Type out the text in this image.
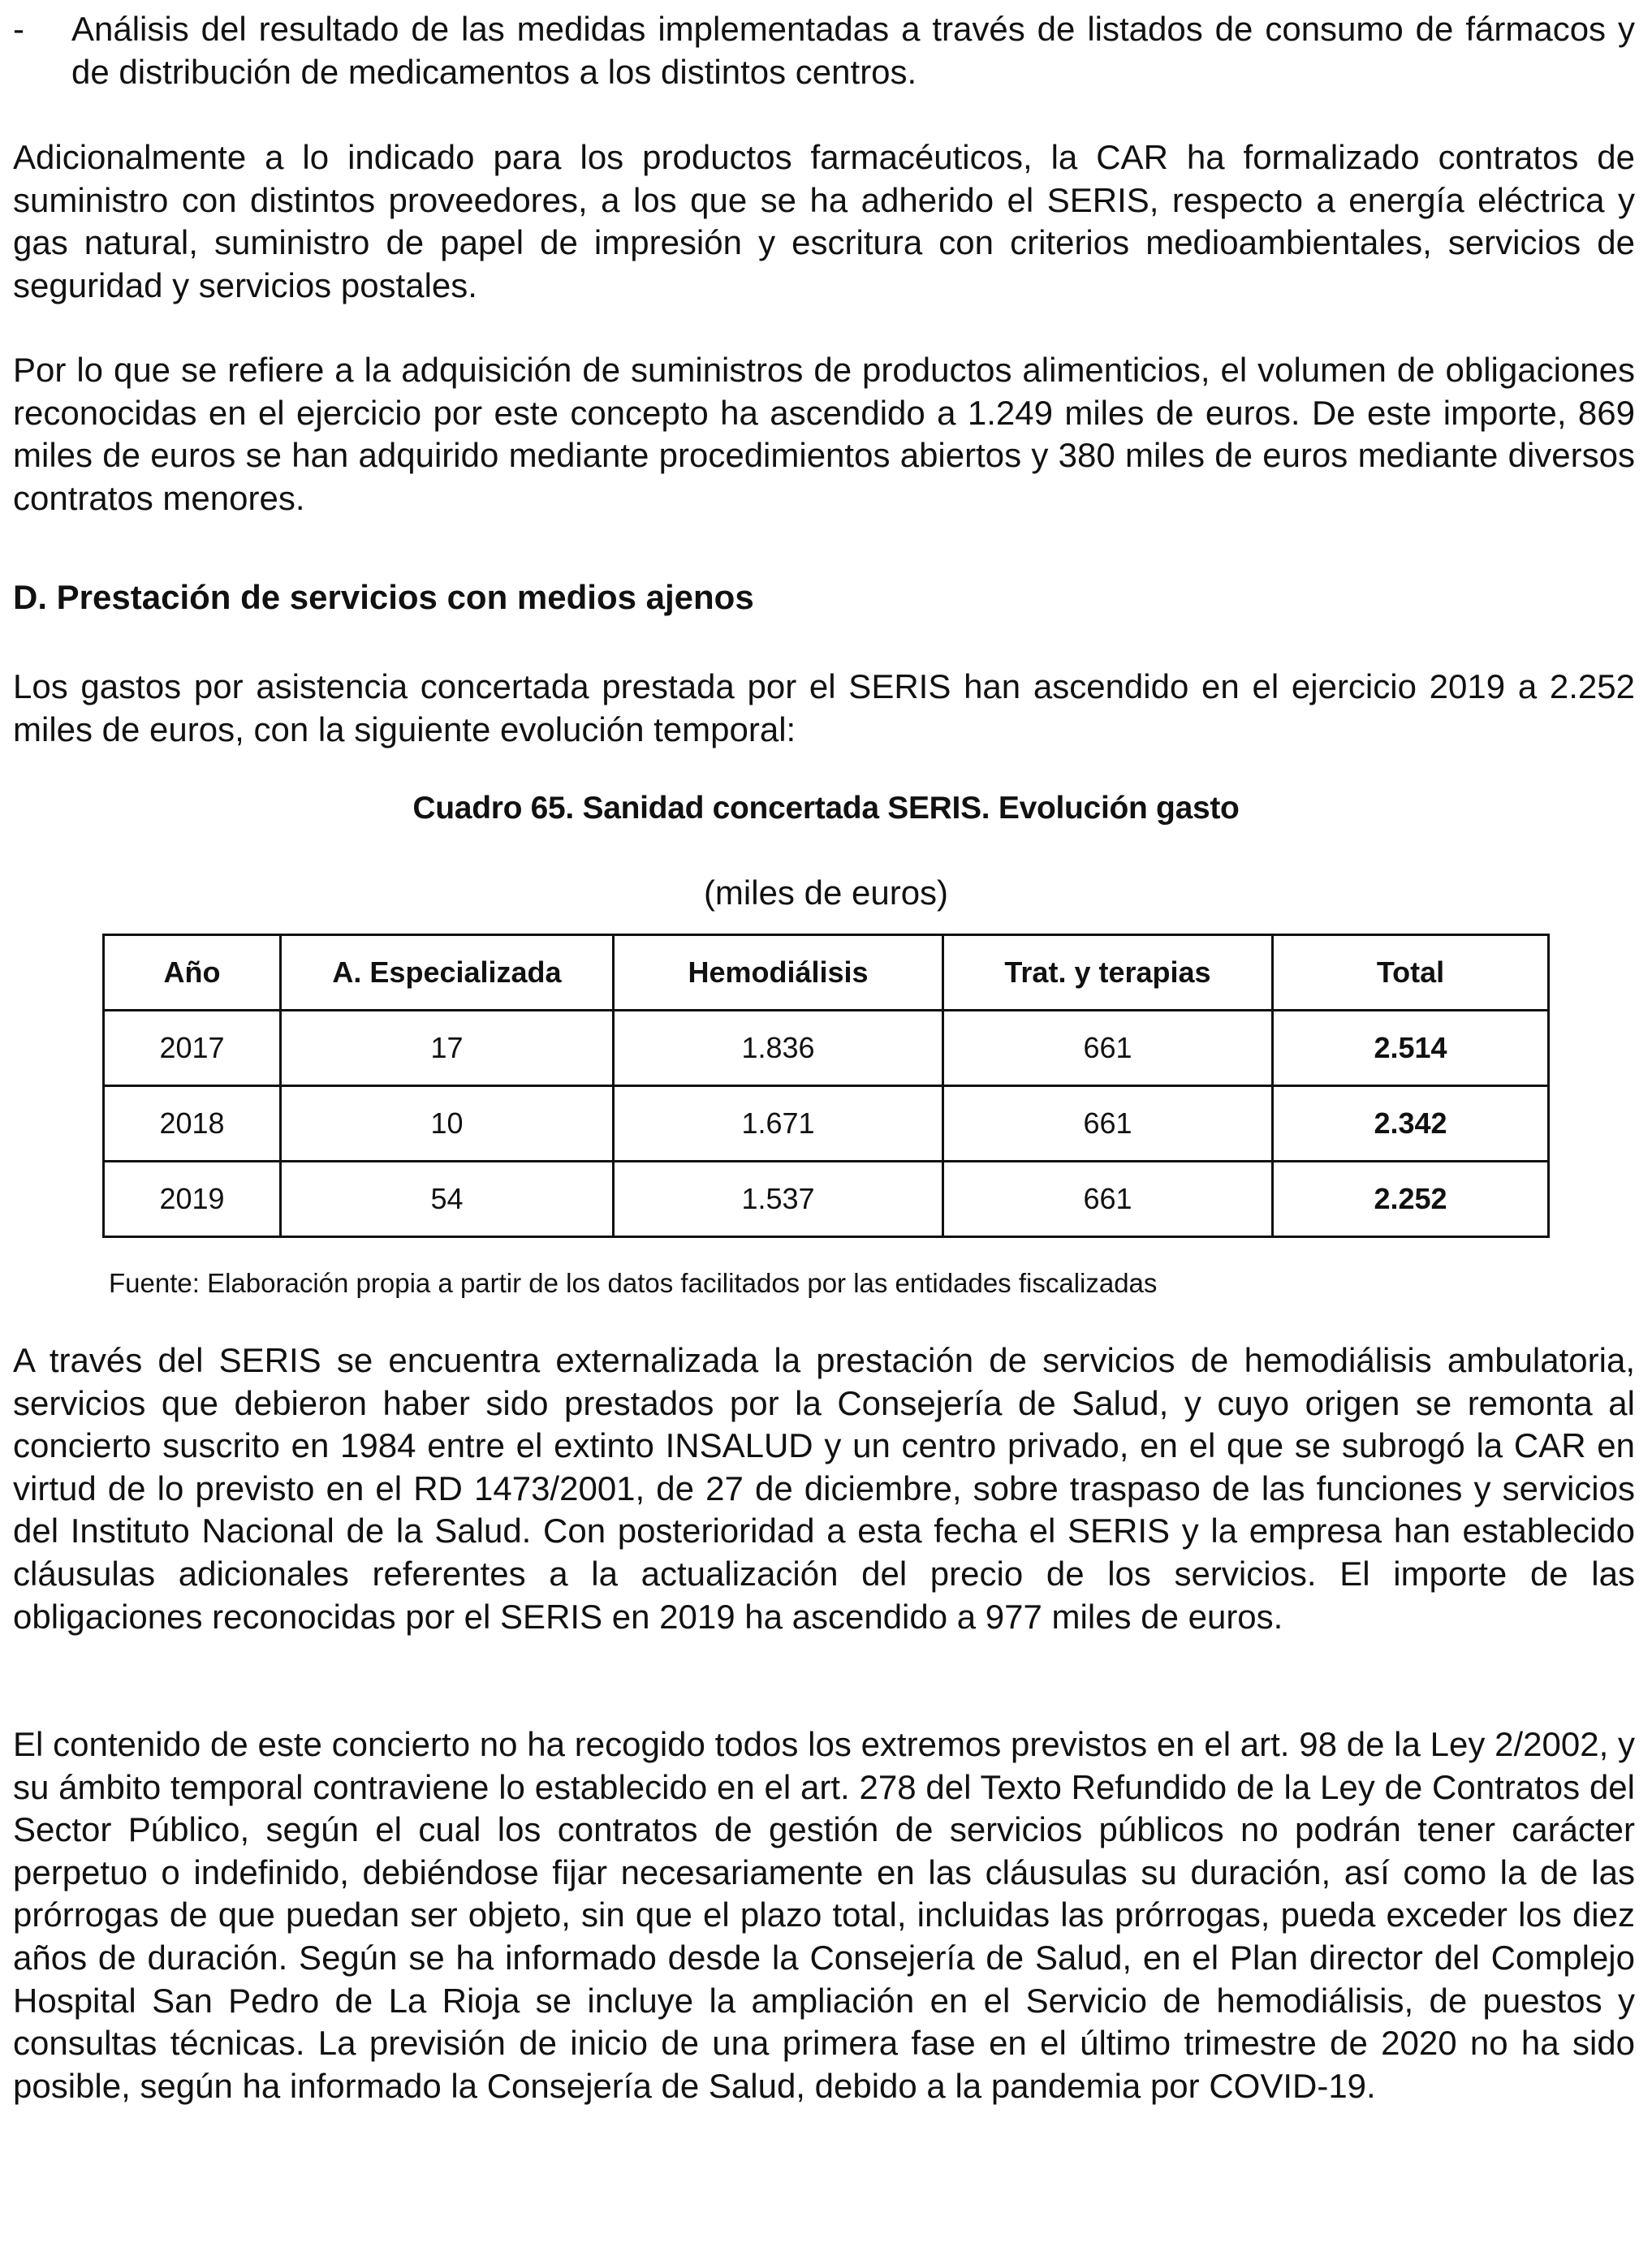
- Análisis del resultado de las medidas implementadas a través de listados de consumo de fármacos y de distribución de medicamentos a los distintos centros.

Adicionalmente a lo indicado para los productos farmacéuticos, la CAR ha formalizado contratos de suministro con distintos proveedores, a los que se ha adherido el SERIS, respecto a energía eléctrica y gas natural, suministro de papel de impresión y escritura con criterios medioambientales, servicios de seguridad y servicios postales.

Por lo que se refiere a la adquisición de suministros de productos alimenticios, el volumen de obligaciones reconocidas en el ejercicio por este concepto ha ascendido a 1.249 miles de euros. De este importe, 869 miles de euros se han adquirido mediante procedimientos abiertos y 380 miles de euros mediante diversos contratos menores.

D. Prestación de servicios con medios ajenos

Los gastos por asistencia concertada prestada por el SERIS han ascendido en el ejercicio 2019 a 2.252 miles de euros, con la siguiente evolución temporal:

Cuadro 65. Sanidad concertada SERIS. Evolución gasto

(miles de euros)

Año	A. Especializada	Hemodiálisis	Trat. y terapias	Total
2017	17	1.836	661	2.514
2018	10	1.671	661	2.342
2019	54	1.537	661	2.252

Fuente: Elaboración propia a partir de los datos facilitados por las entidades fiscalizadas

A través del SERIS se encuentra externalizada la prestación de servicios de hemodiálisis ambulatoria, servicios que debieron haber sido prestados por la Consejería de Salud, y cuyo origen se remonta al concierto suscrito en 1984 entre el extinto INSALUD y un centro privado, en el que se subrogó la CAR en virtud de lo previsto en el RD 1473/2001, de 27 de diciembre, sobre traspaso de las funciones y servicios del Instituto Nacional de la Salud. Con posterioridad a esta fecha el SERIS y la empresa han establecido cláusulas adicionales referentes a la actualización del precio de los servicios. El importe de las obligaciones reconocidas por el SERIS en 2019 ha ascendido a 977 miles de euros.

El contenido de este concierto no ha recogido todos los extremos previstos en el art. 98 de la Ley 2/2002, y su ámbito temporal contraviene lo establecido en el art. 278 del Texto Refundido de la Ley de Contratos del Sector Público, según el cual los contratos de gestión de servicios públicos no podrán tener carácter perpetuo o indefinido, debiéndose fijar necesariamente en las cláusulas su duración, así como la de las prórrogas de que puedan ser objeto, sin que el plazo total, incluidas las prórrogas, pueda exceder los diez años de duración. Según se ha informado desde la Consejería de Salud, en el Plan director del Complejo Hospital San Pedro de La Rioja se incluye la ampliación en el Servicio de hemodiálisis, de puestos y consultas técnicas. La previsión de inicio de una primera fase en el último trimestre de 2020 no ha sido posible, según ha informado la Consejería de Salud, debido a la pandemia por COVID-19.
